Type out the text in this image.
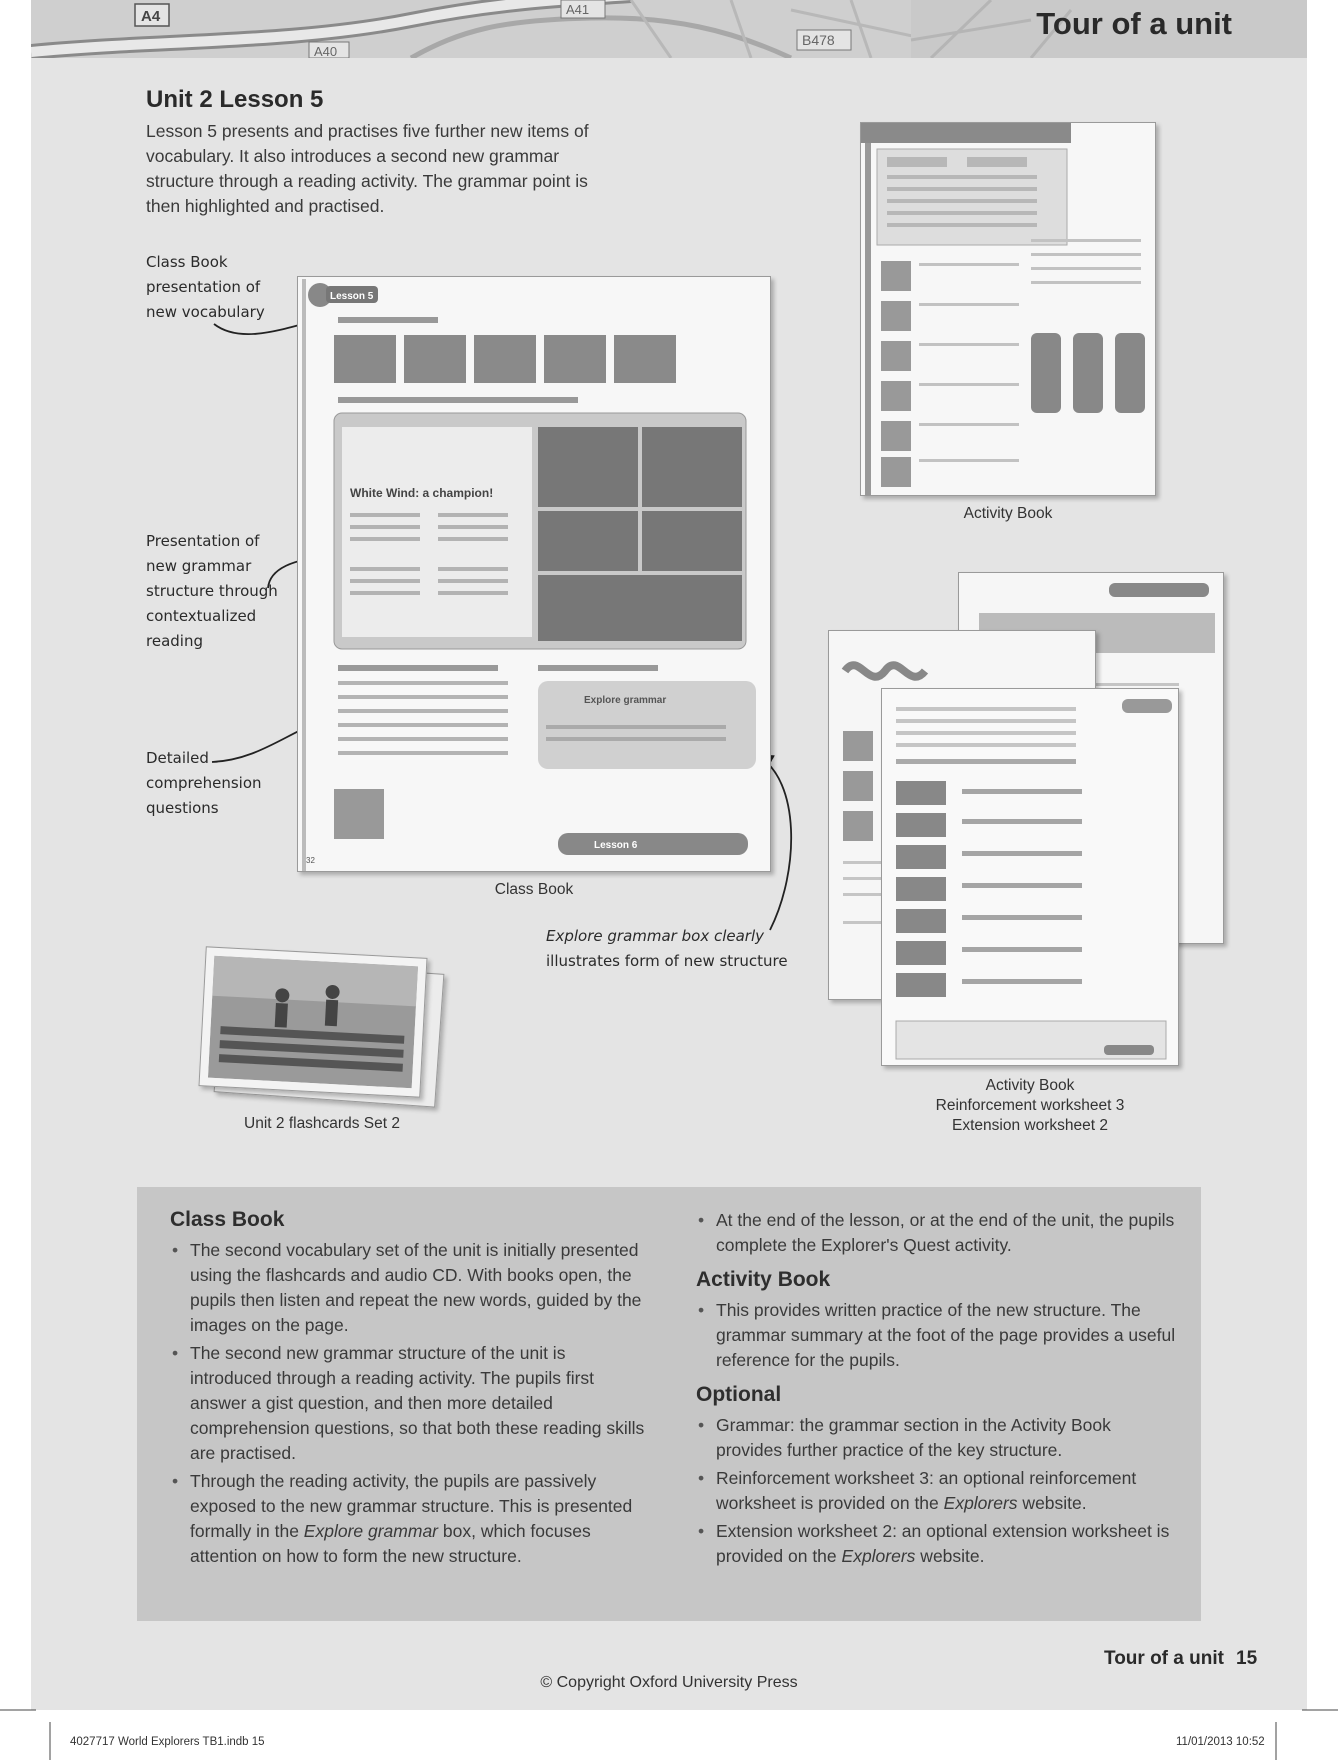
A4	A41
A40
B478	Tour of a unit
Unit 2 Lesson 5
Lesson 5 presents and practises five further new items of vocabulary. It also introduces a second new grammar structure through a reading activity. The grammar point is then highlighted and practised.
Class Book
presentation of
new vocabulary
Presentation of
new grammar
structure through
contextualized
reading
Detailed
comprehension
questions
Explore grammar box clearly
illustrates form of new structure
Lesson 5
White Wind: a champion!
Explore grammar
Lesson 6
32
Class Book
Activity Book
Activity Book
Reinforcement worksheet 3
Extension worksheet 2
Unit 2 flashcards Set 2
Class Book
• The second vocabulary set of the unit is initially presented using the flashcards and audio CD. With books open, the pupils then listen and repeat the new words, guided by the images on the page.
• The second new grammar structure of the unit is introduced through a reading activity. The pupils first answer a gist question, and then more detailed comprehension questions, so that both these reading skills are practised.
• Through the reading activity, the pupils are passively exposed to the new grammar structure. This is presented formally in the Explore grammar box, which focuses attention on how to form the new structure.
• At the end of the lesson, or at the end of the unit, the pupils complete the Explorer's Quest activity.
Activity Book
• This provides written practice of the new structure. The grammar summary at the foot of the page provides a useful reference for the pupils.
Optional
• Grammar: the grammar section in the Activity Book provides further practice of the key structure.
• Reinforcement worksheet 3: an optional reinforcement worksheet is provided on the Explorers website.
• Extension worksheet 2: an optional extension worksheet is provided on the Explorers website.
Tour of a unit 15
© Copyright Oxford University Press
4027717 World Explorers TB1.indb 15	11/01/2013 10:52
